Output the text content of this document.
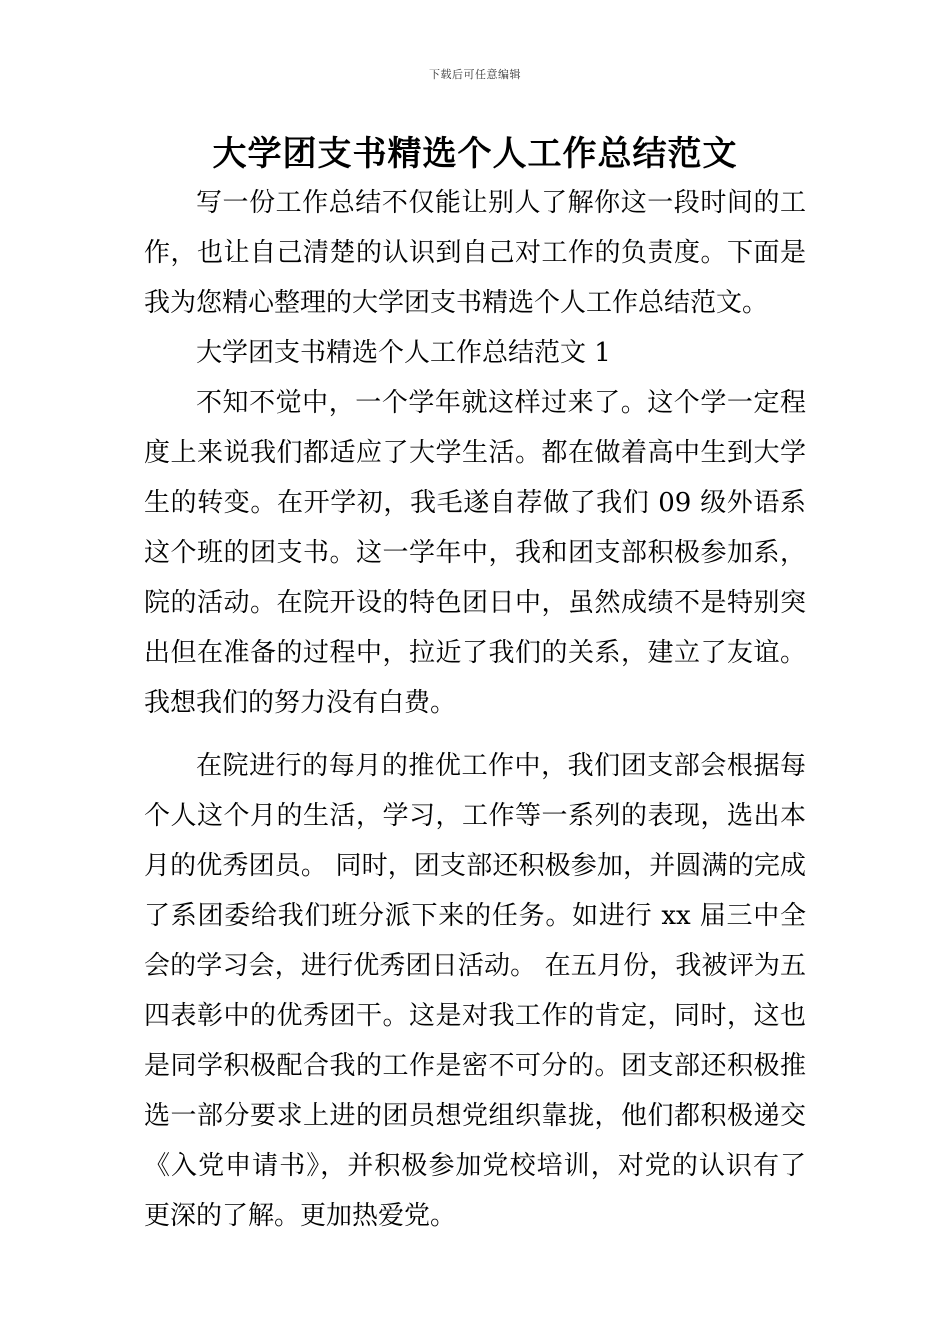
下载后可任意编辑
大学团支书精选个人工作总结范文

写一份工作总结不仅能让别人了解你这一段时间的工作，也让自己清楚的认识到自己对工作的负责度。下面是我为您精心整理的大学团支书精选个人工作总结范文。

大学团支书精选个人工作总结范文 1

不知不觉中，一个学年就这样过来了。这个学一定程度上来说我们都适应了大学生活。都在做着高中生到大学生的转变。在开学初，我毛遂自荐做了我们 09 级外语系这个班的团支书。这一学年中，我和团支部积极参加系，院的活动。在院开设的特色团日中，虽然成绩不是特别突出但在准备的过程中，拉近了我们的关系，建立了友谊。我想我们的努力没有白费。

在院进行的每月的推优工作中，我们团支部会根据每个人这个月的生活，学习，工作等一系列的表现，选出本月的优秀团员。 同时，团支部还积极参加，并圆满的完成了系团委给我们班分派下来的任务。如进行 xx 届三中全会的学习会，进行优秀团日活动。 在五月份，我被评为五四表彰中的优秀团干。这是对我工作的肯定，同时，这也是同学积极配合我的工作是密不可分的。团支部还积极推选一部分要求上进的团员想党组织靠拢，他们都积极递交《入党申请书》，并积极参加党校培训，对党的认识有了更深的了解。更加热爱党。
